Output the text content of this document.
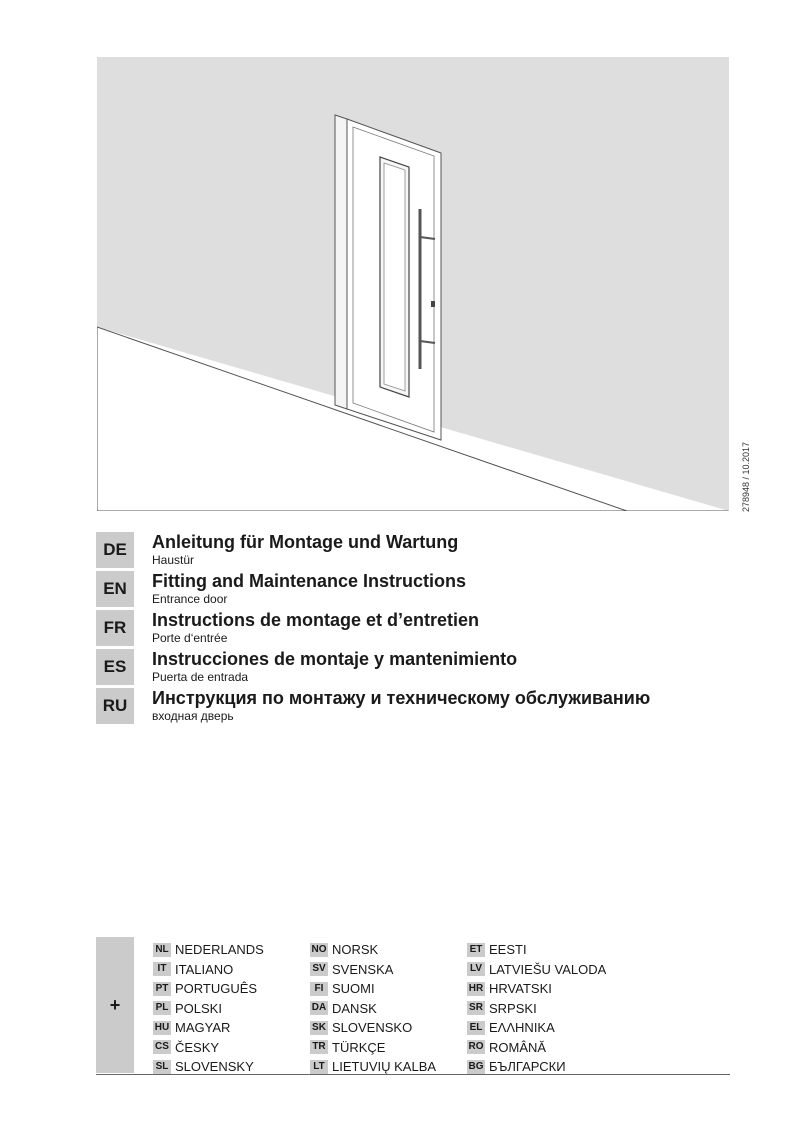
278948 / 10.2017
DE	Anleitung für Montage und Wartung
Haustür
EN	Fitting and Maintenance Instructions
Entrance door
FR	Instructions de montage et d’entretien
Porte d‘entrée
ES	Instrucciones de montaje y mantenimiento
Puerta de entrada
RU	Инструкция по монтажу и техническому обслуживанию
входная дверь
+
NL NEDERLANDS
IT ITALIANO
PT PORTUGUÊS
PL POLSKI
HU MAGYAR
CS ČESKY
SL SLOVENSKY
NO NORSK
SV SVENSKA
FI SUOMI
DA DANSK
SK SLOVENSKO
TR TÜRKÇE
LT LIETUVIŲ KALBA
ET EESTI
LV LATVIEŠU VALODA
HR HRVATSKI
SR SRPSKI
EL ΕΛΛΗΝΙΚΑ
RO ROMÂNĂ
BG БЪЛГАРСКИ
